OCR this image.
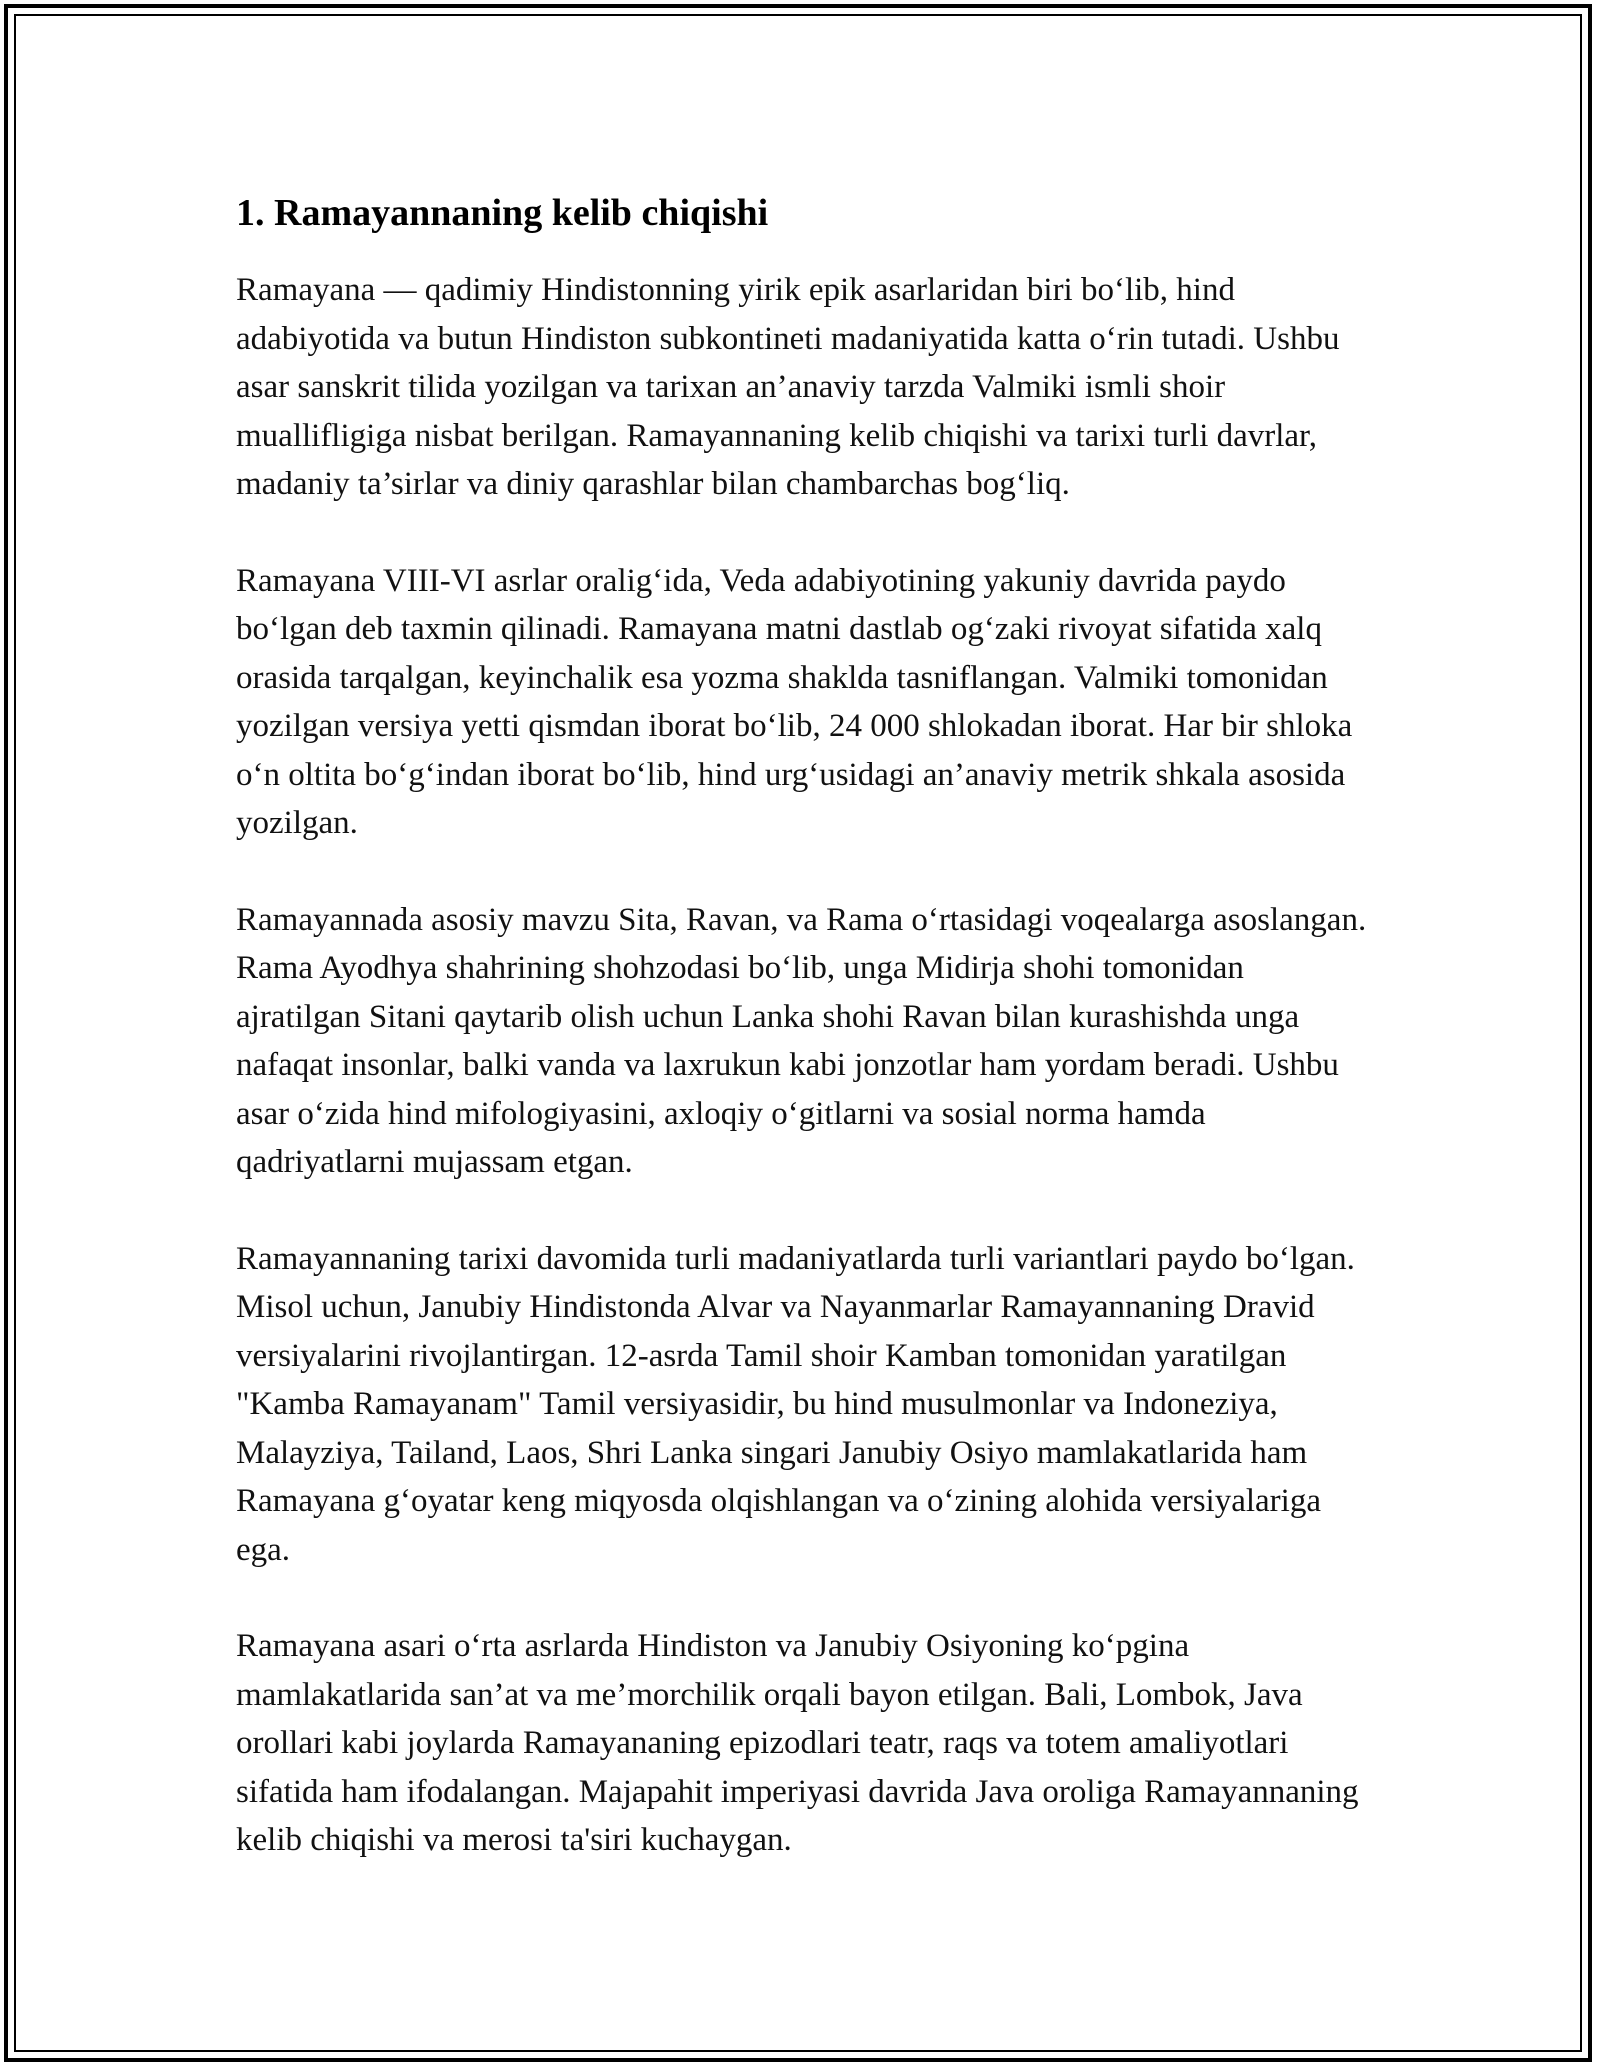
1. Ramayannaning kelib chiqishi

Ramayana — qadimiy Hindistonning yirik epik asarlaridan biri bo‘lib, hind adabiyotida va butun Hindiston subkontineti madaniyatida katta o‘rin tutadi. Ushbu asar sanskrit tilida yozilgan va tarixan an’anaviy tarzda Valmiki ismli shoir muallifligiga nisbat berilgan. Ramayannaning kelib chiqishi va tarixi turli davrlar, madaniy ta’sirlar va diniy qarashlar bilan chambarchas bog‘liq.

Ramayana VIII-VI asrlar oralig‘ida, Veda adabiyotining yakuniy davrida paydo bo‘lgan deb taxmin qilinadi. Ramayana matni dastlab og‘zaki rivoyat sifatida xalq orasida tarqalgan, keyinchalik esa yozma shaklda tasniflangan. Valmiki tomonidan yozilgan versiya yetti qismdan iborat bo‘lib, 24 000 shlokadan iborat. Har bir shloka o‘n oltita bo‘g‘indan iborat bo‘lib, hind urg‘usidagi an’anaviy metrik shkala asosida yozilgan.

Ramayannada asosiy mavzu Sita, Ravan, va Rama o‘rtasidagi voqealarga asoslangan. Rama Ayodhya shahrining shohzodasi bo‘lib, unga Midirja shohi tomonidan ajratilgan Sitani qaytarib olish uchun Lanka shohi Ravan bilan kurashishda unga nafaqat insonlar, balki vanda va laxrukun kabi jonzotlar ham yordam beradi. Ushbu asar o‘zida hind mifologiyasini, axloqiy o‘gitlarni va sosial norma hamda qadriyatlarni mujassam etgan.

Ramayannaning tarixi davomida turli madaniyatlarda turli variantlari paydo bo‘lgan. Misol uchun, Janubiy Hindistonda Alvar va Nayanmarlar Ramayannaning Dravid versiyalarini rivojlantirgan. 12-asrda Tamil shoir Kamban tomonidan yaratilgan "Kamba Ramayanam" Tamil versiyasidir, bu hind musulmonlar va Indoneziya, Malayziya, Tailand, Laos, Shri Lanka singari Janubiy Osiyo mamlakatlarida ham Ramayana g‘oyatar keng miqyosda olqishlangan va o‘zining alohida versiyalariga ega.

Ramayana asari o‘rta asrlarda Hindiston va Janubiy Osiyoning ko‘pgina mamlakatlarida san’at va me’morchilik orqali bayon etilgan. Bali, Lombok, Java orollari kabi joylarda Ramayananing epizodlari teatr, raqs va totem amaliyotlari sifatida ham ifodalangan. Majapahit imperiyasi davrida Java oroliga Ramayannaning kelib chiqishi va merosi ta'siri kuchaygan.
